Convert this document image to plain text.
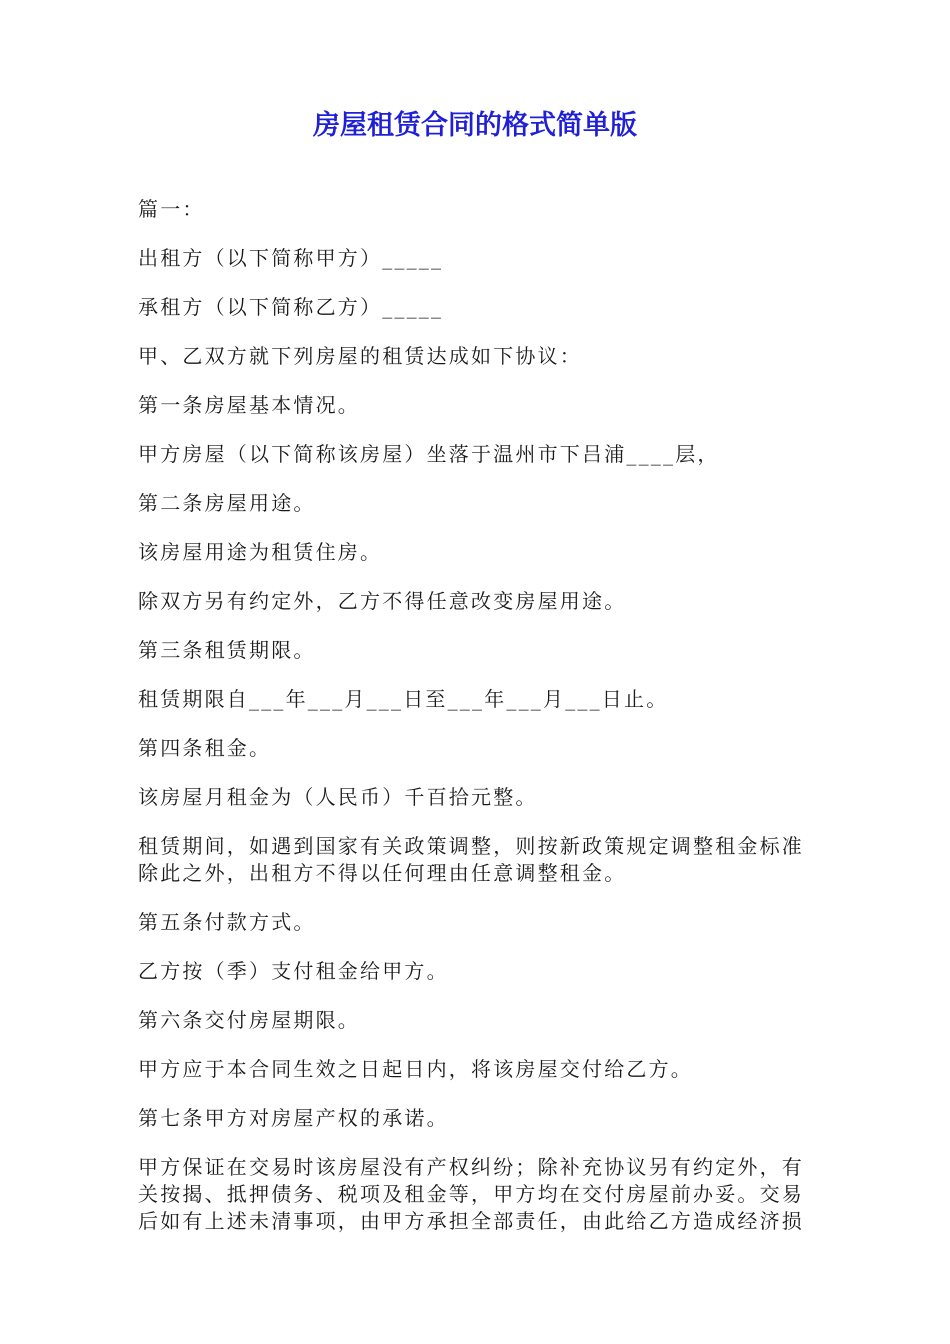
房屋租赁合同的格式简单版

篇一：

出租方（以下简称甲方）_____

承租方（以下简称乙方）_____

甲、乙双方就下列房屋的租赁达成如下协议：

第一条房屋基本情况。

甲方房屋（以下简称该房屋）坐落于温州市下吕浦____层，

第二条房屋用途。

该房屋用途为租赁住房。

除双方另有约定外，乙方不得任意改变房屋用途。

第三条租赁期限。

租赁期限自___年___月___日至___年___月___日止。

第四条租金。

该房屋月租金为（人民币）千百拾元整。

租赁期间，如遇到国家有关政策调整，则按新政策规定调整租金标准除此之外，出租方不得以任何理由任意调整租金。

第五条付款方式。

乙方按（季）支付租金给甲方。

第六条交付房屋期限。

甲方应于本合同生效之日起日内，将该房屋交付给乙方。

第七条甲方对房屋产权的承诺。

甲方保证在交易时该房屋没有产权纠纷；除补充协议另有约定外，有关按揭、抵押债务、税项及租金等，甲方均在交付房屋前办妥。交易后如有上述未清事项，由甲方承担全部责任，由此给乙方造成经济损
